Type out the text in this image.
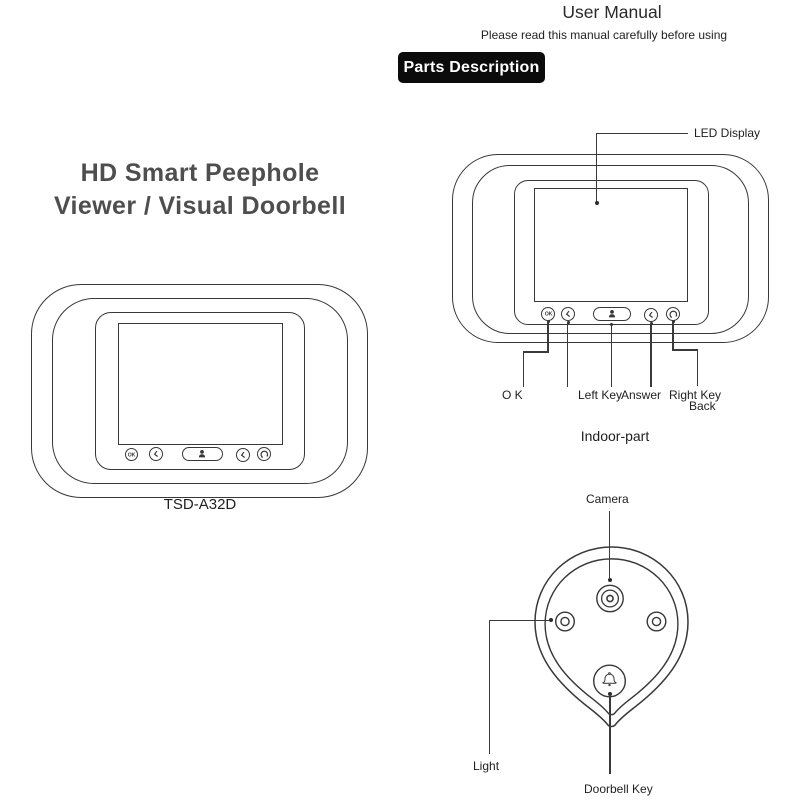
User Manual
Please read this manual carefully before using
Parts Description
HD Smart Peephole
Viewer / Visual Doorbell
OK
TSD-A32D
OK
LED Display
O K	Left Key
Answer Right Key
Back
Indoor-part
Camera
Light
Doorbell Key
